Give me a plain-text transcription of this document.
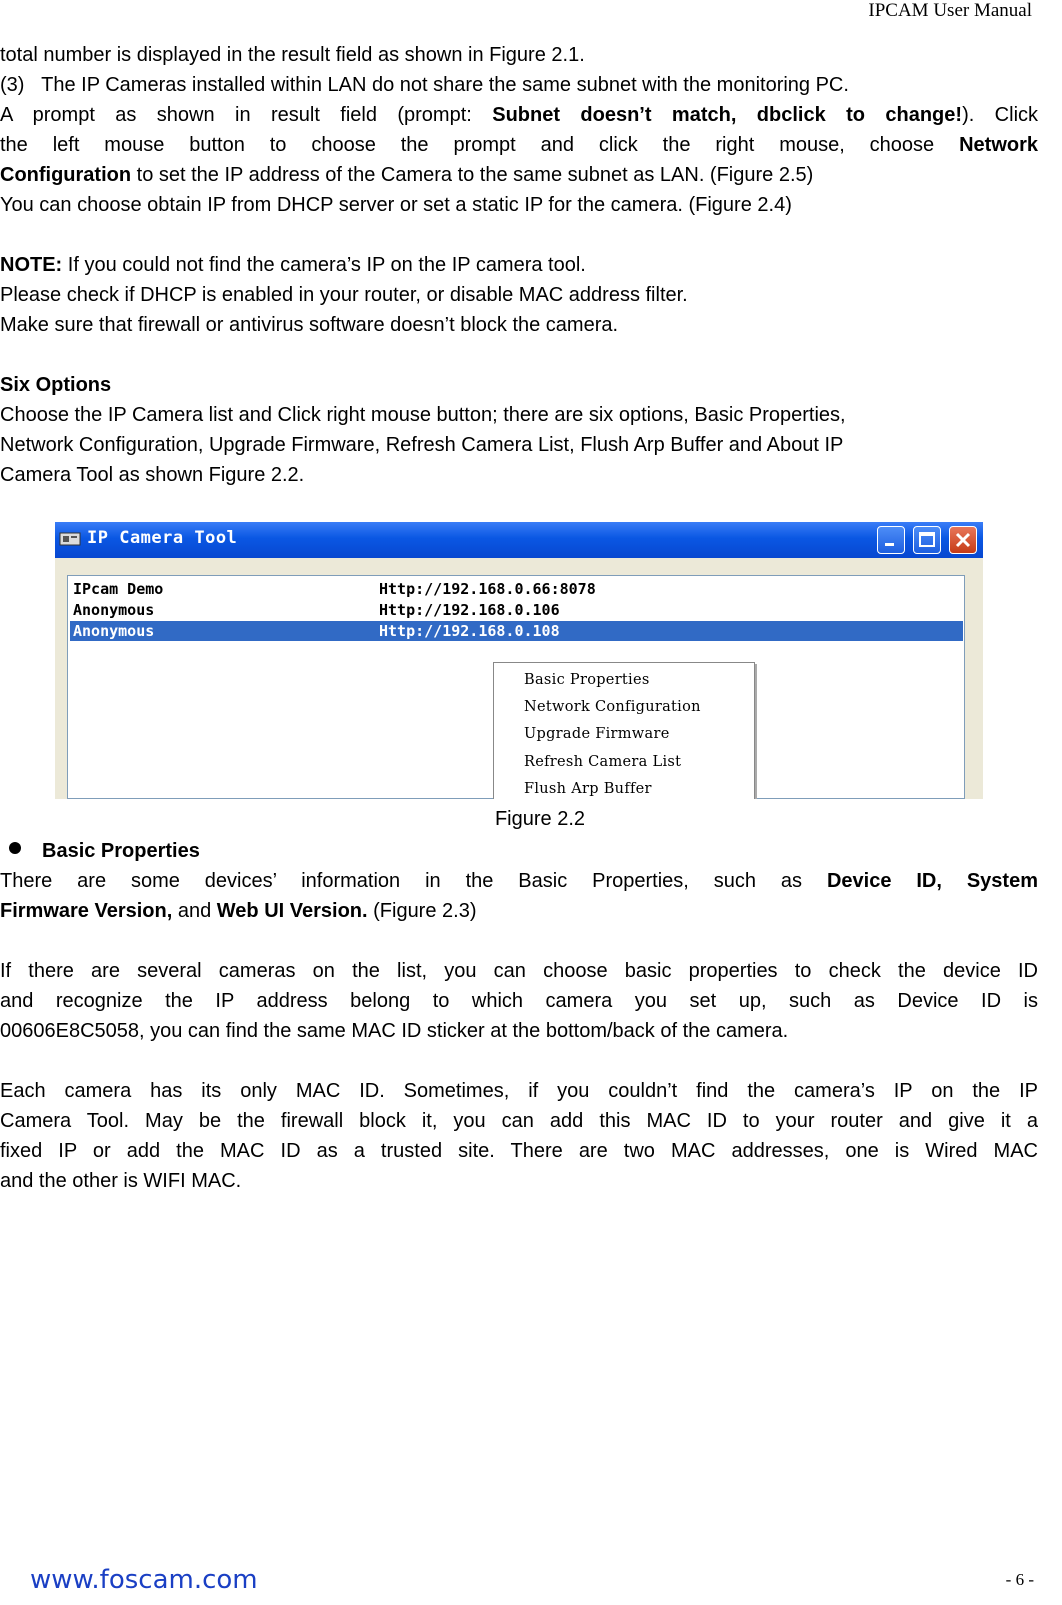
IPCAM User Manual

total number is displayed in the result field as shown in Figure 2.1.

(3)   The IP Cameras installed within LAN do not share the same subnet with the monitoring PC.

A prompt as shown in result field (prompt: Subnet doesn’t match, dbclick to change!). Click

the left mouse button to choose the prompt and click the right mouse, choose Network

Configuration to set the IP address of the Camera to the same subnet as LAN. (Figure 2.5)

You can choose obtain IP from DHCP server or set a static IP for the camera. (Figure 2.4)

NOTE: If you could not find the camera’s IP on the IP camera tool.

Please check if DHCP is enabled in your router, or disable MAC address filter.

Make sure that firewall or antivirus software doesn’t block the camera.

Six Options

Choose the IP Camera list and Click right mouse button; there are six options, Basic Properties,

Network Configuration, Upgrade Firmware, Refresh Camera List, Flush Arp Buffer and About IP

Camera Tool as shown Figure 2.2.

IP Camera Tool
IPcam Demo	Http://192.168.0.66:8078
Anonymous	Http://192.168.0.106
Anonymous	Http://192.168.0.108
Basic Properties
Network Configuration
Upgrade Firmware
Refresh Camera List
Flush Arp Buffer
Figure 2.2

Basic Properties

There are some devices’ information in the Basic Properties, such as Device ID, System

Firmware Version, and Web UI Version. (Figure 2.3)

If there are several cameras on the list, you can choose basic properties to check the device ID

and recognize the IP address belong to which camera you set up, such as Device ID is

00606E8C5058, you can find the same MAC ID sticker at the bottom/back of the camera.

Each camera has its only MAC ID. Sometimes, if you couldn’t find the camera’s IP on the IP

Camera Tool. May be the firewall block it, you can add this MAC ID to your router and give it a

fixed IP or add the MAC ID as a trusted site. There are two MAC addresses, one is Wired MAC

and the other is WIFI MAC.

www.foscam.com	- 6 -
